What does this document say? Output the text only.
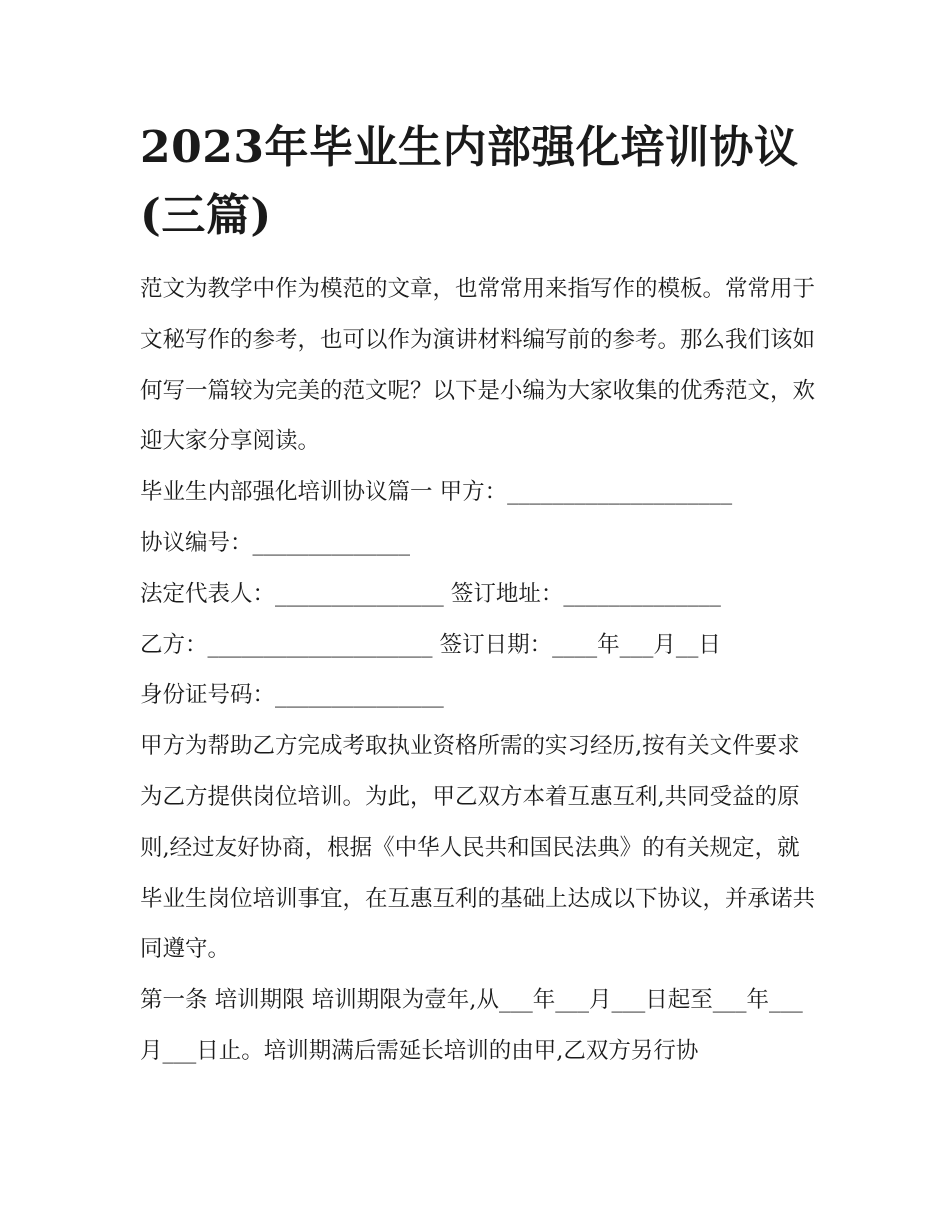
2023年毕业生内部强化培训协议(三篇)

范文为教学中作为模范的文章，也常常用来指写作的模板。常常用于文秘写作的参考，也可以作为演讲材料编写前的参考。那么我们该如何写一篇较为完美的范文呢？以下是小编为大家收集的优秀范文，欢迎大家分享阅读。

毕业生内部强化培训协议篇一 甲方：____________________

协议编号：______________

法定代表人：_______________ 签订地址：______________

乙方：____________________ 签订日期：____年___月__日

身份证号码：_______________

甲方为帮助乙方完成考取执业资格所需的实习经历,按有关文件要求为乙方提供岗位培训。为此，甲乙双方本着互惠互利,共同受益的原则,经过友好协商，根据《中华人民共和国民法典》的有关规定，就毕业生岗位培训事宜，在互惠互利的基础上达成以下协议，并承诺共同遵守。

第一条 培训期限 培训期限为壹年,从___年___月___日起至___年___月___日止。培训期满后需延长培训的由甲,乙双方另行协
